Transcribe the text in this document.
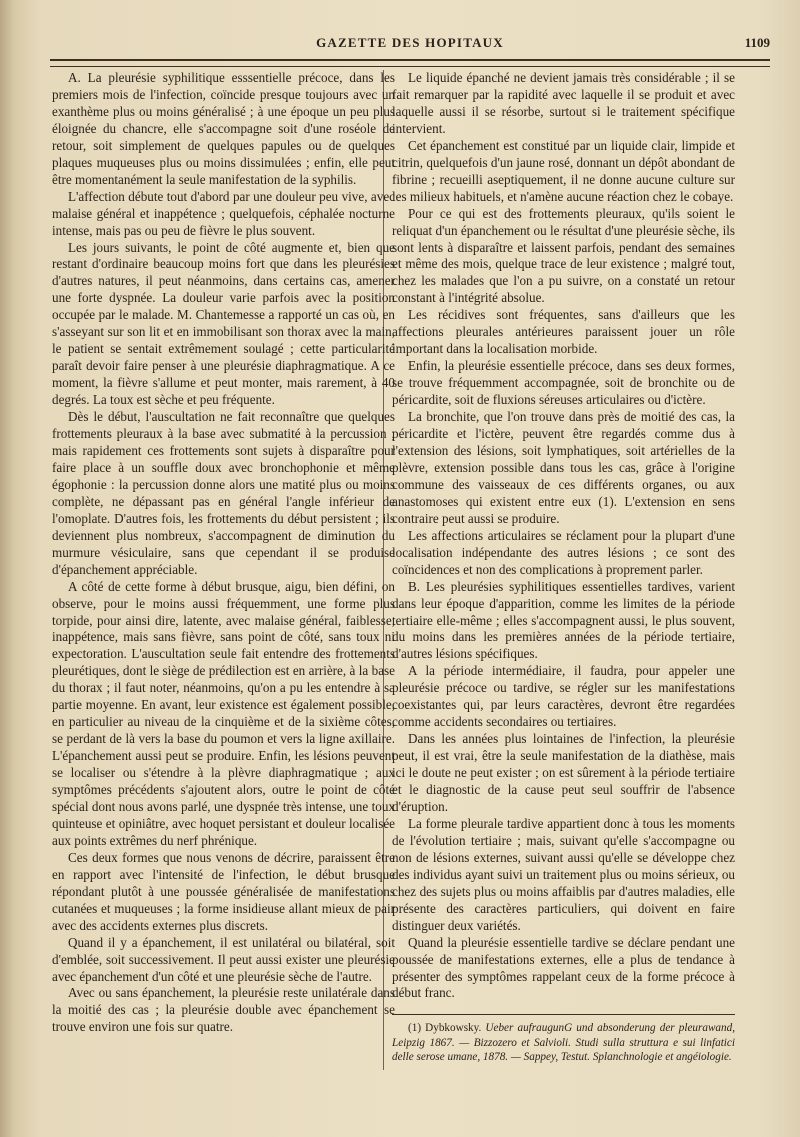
GAZETTE DES HOPITAUX	1109

A. La pleurésie syphilitique esssentielle précoce, dans les premiers mois de l'infection, coïncide presque toujours avec un exanthème plus ou moins généralisé ; à une époque un peu plus éloignée du chancre, elle s'accompagne soit d'une roséole de retour, soit simplement de quelques papules ou de quelques plaques muqueuses plus ou moins dissimulées ; enfin, elle peut être momentanément la seule manifestation de la syphilis.

L'affection débute tout d'abord par une douleur peu vive, avec malaise général et inappétence ; quelquefois, céphalée nocturne intense, mais pas ou peu de fièvre le plus souvent.

Les jours suivants, le point de côté augmente et, bien que restant d'ordinaire beaucoup moins fort que dans les pleurésies d'autres natures, il peut néanmoins, dans certains cas, amener une forte dyspnée. La douleur varie parfois avec la position occupée par le malade. M. Chantemesse a rapporté un cas où, en s'asseyant sur son lit et en immobilisant son thorax avec la main, le patient se sentait extrêmement soulagé ; cette particularité paraît devoir faire penser à une pleurésie diaphragmatique. A ce moment, la fièvre s'allume et peut monter, mais rarement, à 40 degrés. La toux est sèche et peu fréquente.

Dès le début, l'auscultation ne fait reconnaître que quelques frottements pleuraux à la base avec submatité à la percussion ; mais rapidement ces frottements sont sujets à disparaître pour faire place à un souffle doux avec bronchophonie et même égophonie : la percussion donne alors une matité plus ou moins complète, ne dépassant pas en général l'angle inférieur de l'omoplate. D'autres fois, les frottements du début persistent ; ils deviennent plus nombreux, s'accompagnent de diminution du murmure vésiculaire, sans que cependant il se produise d'épanchement appréciable.

A côté de cette forme à début brusque, aigu, bien défini, on observe, pour le moins aussi fréquemment, une forme plus torpide, pour ainsi dire, latente, avec malaise général, faiblesse, inappétence, mais sans fièvre, sans point de côté, sans toux ni expectoration. L'auscultation seule fait entendre des frottements pleurétiques, dont le siège de prédilection est en arrière, à la base du thorax ; il faut noter, néanmoins, qu'on a pu les entendre à sa partie moyenne. En avant, leur existence est également possible, en particulier au niveau de la cinquième et de la sixième côtes, se perdant de là vers la base du poumon et vers la ligne axillaire. L'épanchement aussi peut se produire. Enfin, les lésions peuvent se localiser ou s'étendre à la plèvre diaphragmatique ; aux symptômes précédents s'ajoutent alors, outre le point de côté spécial dont nous avons parlé, une dyspnée très intense, une toux quinteuse et opiniâtre, avec hoquet persistant et douleur localisée aux points extrêmes du nerf phrénique.

Ces deux formes que nous venons de décrire, paraissent être en rapport avec l'intensité de l'infection, le début brusque répondant plutôt à une poussée généralisée de manifestations cutanées et muqueuses ; la forme insidieuse allant mieux de pair avec des accidents externes plus discrets.

Quand il y a épanchement, il est unilatéral ou bilatéral, soit d'emblée, soit successivement. Il peut aussi exister une pleurésie avec épanchement d'un côté et une pleurésie sèche de l'autre.

Avec ou sans épanchement, la pleurésie reste unilatérale dans la moitié des cas ; la pleurésie double avec épanchement se trouve environ une fois sur quatre.

Le liquide épanché ne devient jamais très considérable ; il se fait remarquer par la rapidité avec laquelle il se produit et avec laquelle aussi il se résorbe, surtout si le traitement spécifique intervient.

Cet épanchement est constitué par un liquide clair, limpide et citrin, quelquefois d'un jaune rosé, donnant un dépôt abondant de fibrine ; recueilli aseptiquement, il ne donne aucune culture sur les milieux habituels, et n'amène aucune réaction chez le cobaye.

Pour ce qui est des frottements pleuraux, qu'ils soient le reliquat d'un épanchement ou le résultat d'une pleurésie sèche, ils sont lents à disparaître et laissent parfois, pendant des semaines et même des mois, quelque trace de leur existence ; malgré tout, chez les malades que l'on a pu suivre, on a constaté un retour constant à l'intégrité absolue.

Les récidives sont fréquentes, sans d'ailleurs que les affections pleurales antérieures paraissent jouer un rôle important dans la localisation morbide.

Enfin, la pleurésie essentielle précoce, dans ses deux formes, se trouve fréquemment accompagnée, soit de bronchite ou de péricardite, soit de fluxions séreuses articulaires ou d'ictère.

La bronchite, que l'on trouve dans près de moitié des cas, la péricardite et l'ictère, peuvent être regardés comme dus à l'extension des lésions, soit lymphatiques, soit artérielles de la plèvre, extension possible dans tous les cas, grâce à l'origine commune des vaisseaux de ces différents organes, ou aux anastomoses qui existent entre eux (1). L'extension en sens contraire peut aussi se produire.

Les affections articulaires se réclament pour la plupart d'une localisation indépendante des autres lésions ; ce sont des coïncidences et non des complications à proprement parler.

B. Les pleurésies syphilitiques essentielles tardives, varient dans leur époque d'apparition, comme les limites de la période tertiaire elle-même ; elles s'accompagnent aussi, le plus souvent, du moins dans les premières années de la période tertiaire, d'autres lésions spécifiques.

A la période intermédiaire, il faudra, pour appeler une pleurésie précoce ou tardive, se régler sur les manifestations coexistantes qui, par leurs caractères, devront être regardées comme accidents secondaires ou tertiaires.

Dans les années plus lointaines de l'infection, la pleurésie peut, il est vrai, être la seule manifestation de la diathèse, mais ici le doute ne peut exister ; on est sûrement à la période tertiaire et le diagnostic de la cause peut seul souffrir de l'absence d'éruption.

La forme pleurale tardive appartient donc à tous les moments de l'évolution tertiaire ; mais, suivant qu'elle s'accompagne ou non de lésions externes, suivant aussi qu'elle se développe chez des individus ayant suivi un traitement plus ou moins sérieux, ou chez des sujets plus ou moins affaiblis par d'autres maladies, elle présente des caractères particuliers, qui doivent en faire distinguer deux variétés.

Quand la pleurésie essentielle tardive se déclare pendant une poussée de manifestations externes, elle a plus de tendance à présenter des symptômes rappelant ceux de la forme précoce à début franc.

(1) Dybkowsky. Ueber aufraugunG und absonderung der pleurawand, Leipzig 1867. — Bizzozero et Salvioli. Studi sulla struttura e sui linfatici delle serose umane, 1878. — Sappey, Testut. Splanchnologie et angéiologie.
